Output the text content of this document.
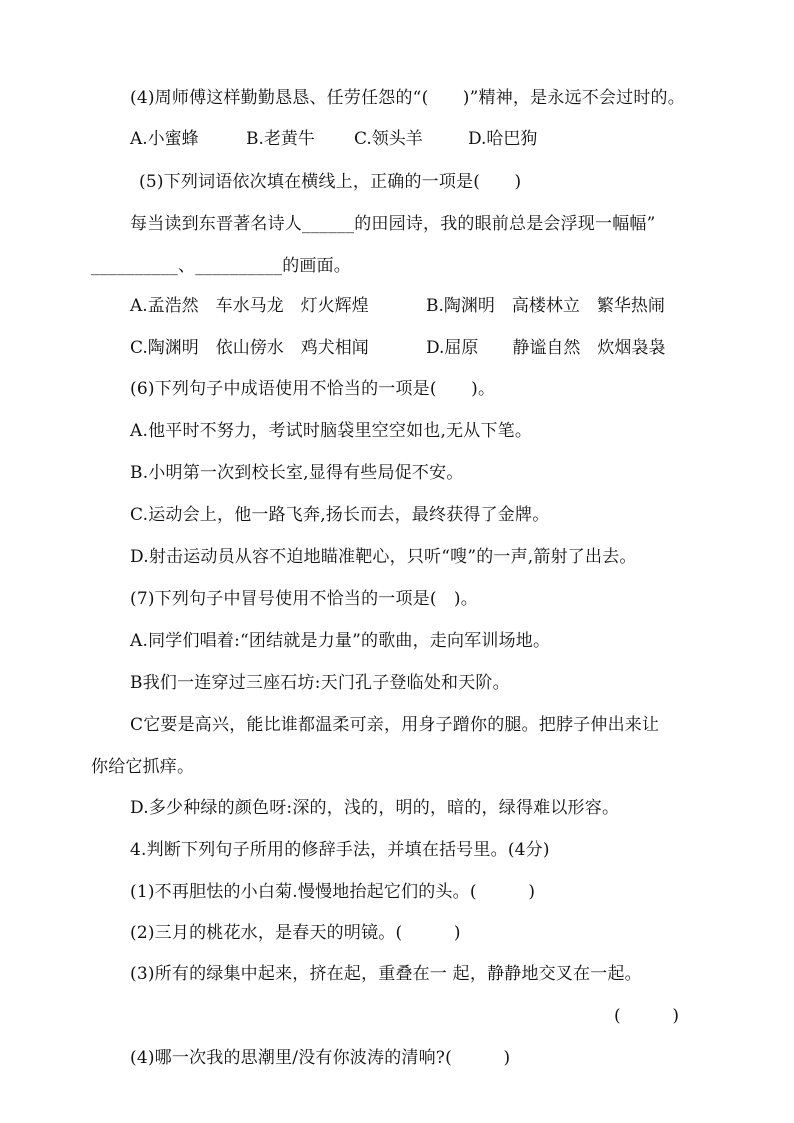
(4)周师傅这样勤勤恳恳、任劳任怨的“(　　)”精神，是永远不会过时的。

A.小蜜蜂	B.老黄牛 C.领头羊	D.哈巴狗

(5)下列词语依次填在横线上，正确的一项是(　　)

每当读到东晋著名诗人______的田园诗，我的眼前总是会浮现一幅幅”

__________、__________的画面。

A.孟浩然　车水马龙　灯火辉煌	B.陶渊明　高楼林立　繁华热闹
C.陶渊明　依山傍水　鸡犬相闻	D.屈原　　静谧自然　炊烟袅袅

(6)下列句子中成语使用不恰当的一项是(　　)。

A.他平时不努力，考试时脑袋里空空如也,无从下笔。

B.小明第一次到校长室,显得有些局促不安。

C.运动会上，他一路飞奔,扬长而去，最终获得了金牌。

D.射击运动员从容不迫地瞄准靶心，只听“嗖”的一声,箭射了出去。

(7)下列句子中冒号使用不恰当的一项是(　)。

A.同学们唱着:“团结就是力量”的歌曲，走向军训场地。

B我们一连穿过三座石坊:天门孔子登临处和天阶。

C它要是高兴，能比谁都温柔可亲，用身子蹭你的腿。把脖子伸出来让

你给它抓痒。

D.多少种绿的颜色呀:深的，浅的，明的，暗的，绿得难以形容。

4.判断下列句子所用的修辞手法，并填在括号里。(4分)

(1)不再胆怯的小白菊.慢慢地抬起它们的头。(　　　)

(2)三月的桃花水，是春天的明镜。(　　　)

(3)所有的绿集中起来，挤在起，重叠在一 起，静静地交叉在一起。

(　　　)

(4)哪一次我的思潮里/没有你波涛的清响?(　　　)
